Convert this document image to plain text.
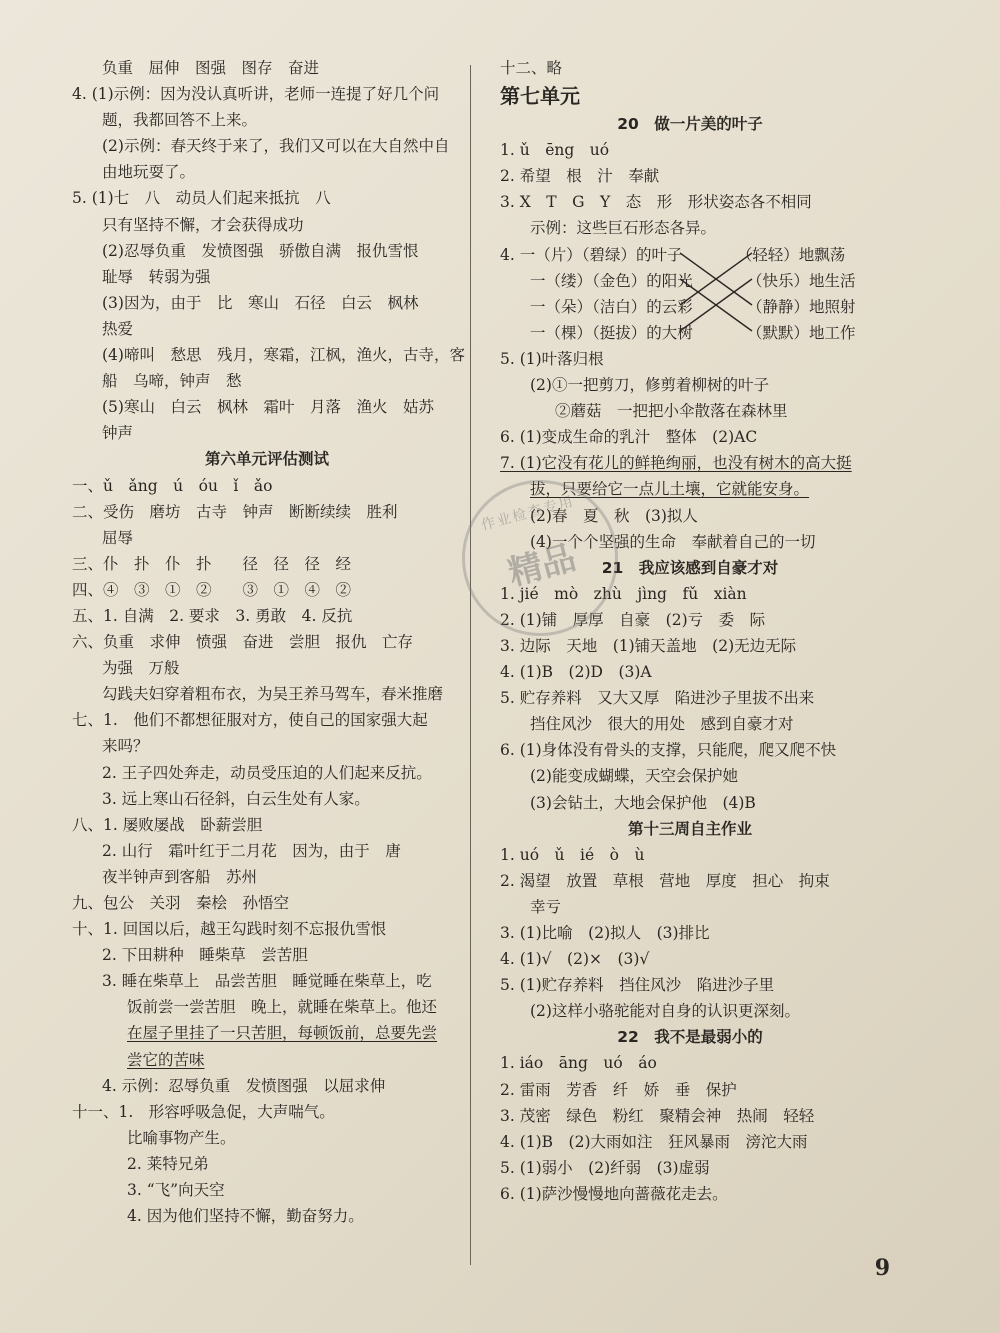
负重　屈伸　图强　图存　奋进
4. (1)示例：因为没认真听讲，老师一连提了好几个问
题，我都回答不上来。
(2)示例：春天终于来了，我们又可以在大自然中自
由地玩耍了。
5. (1)七　八　动员人们起来抵抗　八
只有坚持不懈，才会获得成功
(2)忍辱负重　发愤图强　骄傲自满　报仇雪恨
耻辱　转弱为强
(3)因为，由于　比　寒山　石径　白云　枫林
热爱
(4)啼叫　愁思　残月，寒霜，江枫，渔火，古寺，客
船　乌啼，钟声　愁
(5)寒山　白云　枫林　霜叶　月落　渔火　姑苏
钟声
第六单元评估测试
一、ǔ　ǎng　ú　óu　ǐ　ǎo
二、受伤　磨坊　古寺　钟声　断断续续　胜利
屈辱
三、仆　扑　仆　扑　　径　径　径　经
四、④　③　①　②　　③　①　④　②
五、1. 自满　2. 要求　3. 勇敢　4. 反抗
六、负重　求伸　愤强　奋进　尝胆　报仇　亡存
为强　万般
勾践夫妇穿着粗布衣，为吴王养马驾车，春米推磨
七、1.　他们不都想征服对方，使自己的国家强大起
来吗？
2. 王子四处奔走，动员受压迫的人们起来反抗。
3. 远上寒山石径斜，白云生处有人家。
八、1. 屡败屡战　卧薪尝胆
2. 山行　霜叶红于二月花　因为，由于　唐
夜半钟声到客船　苏州
九、包公　关羽　秦桧　孙悟空
十、1. 回国以后，越王勾践时刻不忘报仇雪恨
2. 下田耕种　睡柴草　尝苦胆
3. 睡在柴草上　品尝苦胆　睡觉睡在柴草上，吃
饭前尝一尝苦胆　晚上，就睡在柴草上。他还
在屋子里挂了一只苦胆，每顿饭前，总要先尝
尝它的苦味
4. 示例：忍辱负重　发愤图强　以屈求伸
十一、1.　形容呼吸急促，大声喘气。
比喻事物产生。
2. 莱特兄弟
3. “飞”向天空
4. 因为他们坚持不懈，勤奋努力。
十二、略
第七单元
20　做一片美的叶子
1. ǔ　ēng　uó
2. 希望　根　汁　奉献
3. X　T　G　Y　态　形　形状姿态各不相同
示例：这些巨石形态各异。
4. 一（片）（碧绿）的叶子　　　　（轻轻）地飘荡
一（缕）（金色）的阳光　　　　（快乐）地生活
一（朵）（洁白）的云彩　　　　（静静）地照射
一（棵）（挺拔）的大树　　　　（默默）地工作
5. (1)叶落归根
(2)①一把剪刀，修剪着柳树的叶子
②蘑菇　一把把小伞散落在森林里
6. (1)变成生命的乳汁　整体　(2)AC
7. (1)它没有花儿的鲜艳绚丽，也没有树木的高大挺
拔，只要给它一点儿土壤，它就能安身。
(2)春　夏　秋　(3)拟人
(4)一个个坚强的生命　奉献着自己的一切
21　我应该感到自豪才对
1. jié　mò　zhù　jìng　fǔ　xiàn
2. (1)铺　厚厚　自豪　(2)亏　委　际
3. 边际　天地　(1)铺天盖地　(2)无边无际
4. (1)B　(2)D　(3)A
5. 贮存养料　又大又厚　陷进沙子里拔不出来
挡住风沙　很大的用处　感到自豪才对
6. (1)身体没有骨头的支撑，只能爬，爬又爬不快
(2)能变成蝴蝶，天空会保护她
(3)会钻土，大地会保护他　(4)B
第十三周自主作业
1. uó　ǔ　ié　ò　ù
2. 渴望　放置　草根　营地　厚度　担心　拘束
幸亏
3. (1)比喻　(2)拟人　(3)排比
4. (1)√　(2)×　(3)√
5. (1)贮存养料　挡住风沙　陷进沙子里
(2)这样小骆驼能对自身的认识更深刻。
22　我不是最弱小的
1. iáo　āng　uó　áo
2. 雷雨　芳香　纤　娇　垂　保护
3. 茂密　绿色　粉红　聚精会神　热闹　轻轻
4. (1)B　(2)大雨如注　狂风暴雨　滂沱大雨
5. (1)弱小　(2)纤弱　(3)虚弱
6. (1)萨沙慢慢地向蔷薇花走去。
作业检查专用
精品
9
